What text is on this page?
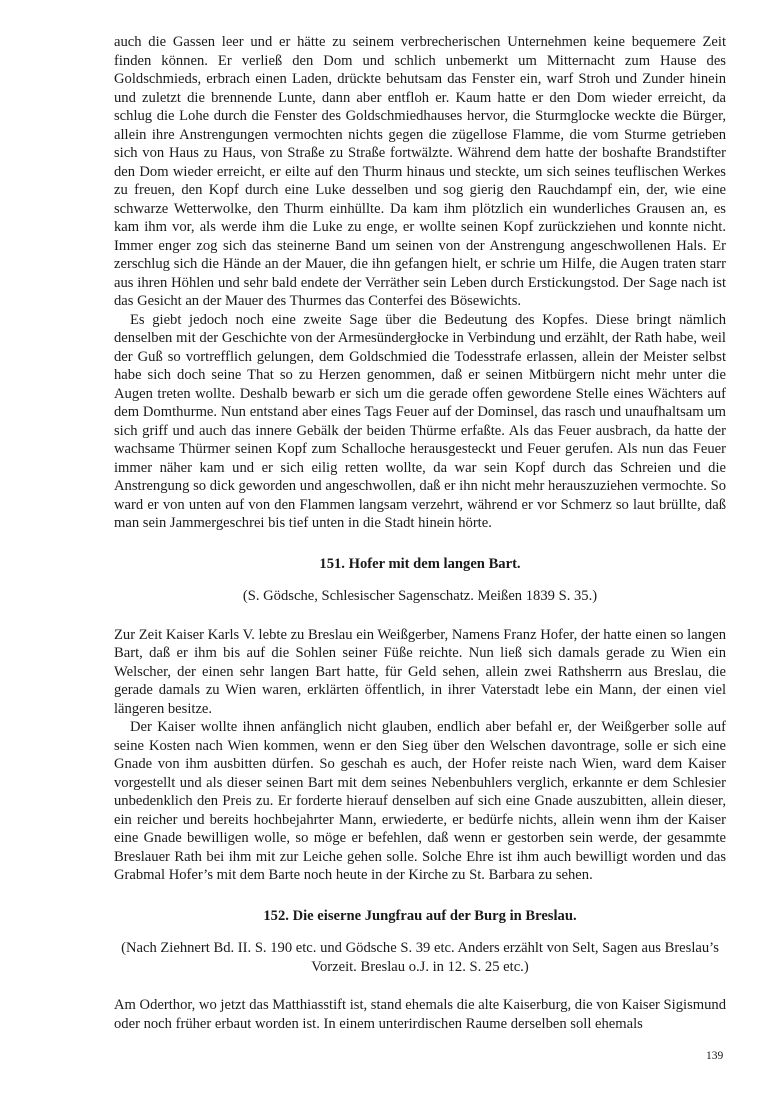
auch die Gassen leer und er hätte zu seinem verbrecherischen Unternehmen keine bequemere Zeit finden können. Er verließ den Dom und schlich unbemerkt um Mitternacht zum Hause des Goldschmieds, erbrach einen Laden, drückte behutsam das Fenster ein, warf Stroh und Zunder hinein und zuletzt die brennende Lunte, dann aber entfloh er. Kaum hatte er den Dom wieder erreicht, da schlug die Lohe durch die Fenster des Goldschmiedhauses hervor, die Sturmglocke weckte die Bürger, allein ihre Anstrengungen vermochten nichts gegen die zügellose Flamme, die vom Sturme getrieben sich von Haus zu Haus, von Straße zu Straße fortwälzte. Während dem hatte der boshafte Brandstifter den Dom wieder erreicht, er eilte auf den Thurm hinaus und steckte, um sich seines teuflischen Werkes zu freuen, den Kopf durch eine Luke desselben und sog gierig den Rauchdampf ein, der, wie eine schwarze Wetterwolke, den Thurm einhüllte. Da kam ihm plötzlich ein wunderliches Grausen an, es kam ihm vor, als werde ihm die Luke zu enge, er wollte seinen Kopf zurückziehen und konnte nicht. Immer enger zog sich das steinerne Band um seinen von der Anstrengung angeschwollenen Hals. Er zerschlug sich die Hände an der Mauer, die ihn gefangen hielt, er schrie um Hilfe, die Augen traten starr aus ihren Höhlen und sehr bald endete der Verräther sein Leben durch Erstickungstod. Der Sage nach ist das Gesicht an der Mauer des Thurmes das Conterfei des Bösewichts.

Es giebt jedoch noch eine zweite Sage über die Bedeutung des Kopfes. Diese bringt nämlich denselben mit der Geschichte von der Armesündergłocke in Verbindung und erzählt, der Rath habe, weil der Guß so vortrefflich gelungen, dem Goldschmied die Todesstrafe erlassen, allein der Meister selbst habe sich doch seine That so zu Herzen genommen, daß er seinen Mitbürgern nicht mehr unter die Augen treten wollte. Deshalb bewarb er sich um die gerade offen gewordene Stelle eines Wächters auf dem Domthurme. Nun entstand aber eines Tags Feuer auf der Dominsel, das rasch und unaufhaltsam um sich griff und auch das innere Gebälk der beiden Thürme erfaßte. Als das Feuer ausbrach, da hatte der wachsame Thürmer seinen Kopf zum Schalloche herausgesteckt und Feuer gerufen. Als nun das Feuer immer näher kam und er sich eilig retten wollte, da war sein Kopf durch das Schreien und die Anstrengung so dick geworden und angeschwollen, daß er ihn nicht mehr herauszuziehen vermochte. So ward er von unten auf von den Flammen langsam verzehrt, während er vor Schmerz so laut brüllte, daß man sein Jammergeschrei bis tief unten in die Stadt hinein hörte.

151. Hofer mit dem langen Bart.
(S. Gödsche, Schlesischer Sagenschatz. Meißen 1839 S. 35.)

Zur Zeit Kaiser Karls V. lebte zu Breslau ein Weißgerber, Namens Franz Hofer, der hatte einen so langen Bart, daß er ihm bis auf die Sohlen seiner Füße reichte. Nun ließ sich damals gerade zu Wien ein Welscher, der einen sehr langen Bart hatte, für Geld sehen, allein zwei Rathsherrn aus Breslau, die gerade damals zu Wien waren, erklärten öffentlich, in ihrer Vaterstadt lebe ein Mann, der einen viel längeren besitze.

Der Kaiser wollte ihnen anfänglich nicht glauben, endlich aber befahl er, der Weißgerber solle auf seine Kosten nach Wien kommen, wenn er den Sieg über den Welschen davontrage, solle er sich eine Gnade von ihm ausbitten dürfen. So geschah es auch, der Hofer reiste nach Wien, ward dem Kaiser vorgestellt und als dieser seinen Bart mit dem seines Nebenbuhlers verglich, erkannte er dem Schlesier unbedenklich den Preis zu. Er forderte hierauf denselben auf sich eine Gnade auszubitten, allein dieser, ein reicher und bereits hochbejahrter Mann, erwiederte, er bedürfe nichts, allein wenn ihm der Kaiser eine Gnade bewilligen wolle, so möge er befehlen, daß wenn er gestorben sein werde, der gesammte Breslauer Rath bei ihm mit zur Leiche gehen solle. Solche Ehre ist ihm auch bewilligt worden und das Grabmal Hofer’s mit dem Barte noch heute in der Kirche zu St. Barbara zu sehen.

152. Die eiserne Jungfrau auf der Burg in Breslau.
(Nach Ziehnert Bd. II. S. 190 etc. und Gödsche S. 39 etc. Anders erzählt von Selt, Sagen aus Breslau’s Vorzeit. Breslau o.J. in 12. S. 25 etc.)

Am Oderthor, wo jetzt das Matthiasstift ist, stand ehemals die alte Kaiserburg, die von Kaiser Sigismund oder noch früher erbaut worden ist. In einem unterirdischen Raume derselben soll ehemals

139
